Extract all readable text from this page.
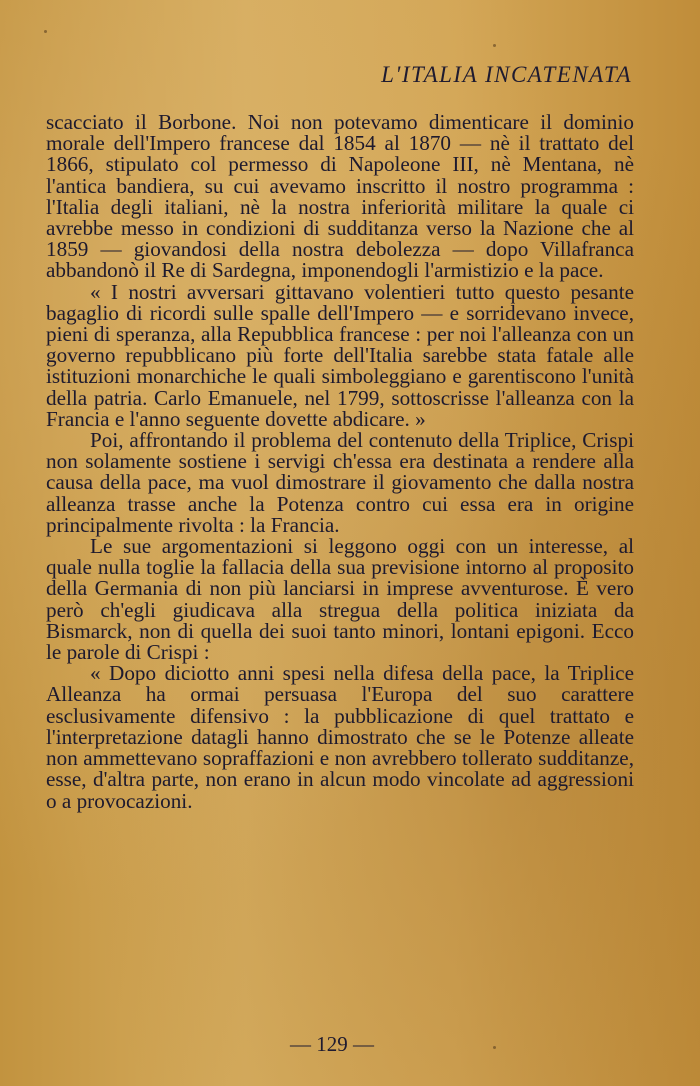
L'ITALIA INCATENATA

scacciato il Borbone. Noi non potevamo dimenticare il dominio morale dell'Impero francese dal 1854 al 1870 — nè il trattato del 1866, stipulato col permesso di Napoleone III, nè Mentana, nè l'antica bandiera, su cui avevamo inscritto il nostro programma : l'Italia degli italiani, nè la nostra inferiorità militare la quale ci avrebbe messo in condizioni di sudditanza verso la Nazione che al 1859 — giovandosi della nostra debolezza — dopo Villafranca abbandonò il Re di Sardegna, imponendogli l'armistizio e la pace.

« I nostri avversari gittavano volentieri tutto questo pesante bagaglio di ricordi sulle spalle dell'Impero — e sorridevano invece, pieni di speranza, alla Repubblica francese : per noi l'alleanza con un governo repubblicano più forte dell'Italia sarebbe stata fatale alle istituzioni monarchiche le quali simboleggiano e garentiscono l'unità della patria. Carlo Emanuele, nel 1799, sottoscrisse l'alleanza con la Francia e l'anno seguente dovette abdicare. »

Poi, affrontando il problema del contenuto della Triplice, Crispi non solamente sostiene i servigi ch'essa era destinata a rendere alla causa della pace, ma vuol dimostrare il giovamento che dalla nostra alleanza trasse anche la Potenza contro cui essa era in origine principalmente rivolta : la Francia.

Le sue argomentazioni si leggono oggi con un interesse, al quale nulla toglie la fallacia della sua previsione intorno al proposito della Germania di non più lanciarsi in imprese avventurose. È vero però ch'egli giudicava alla stregua della politica iniziata da Bismarck, non di quella dei suoi tanto minori, lontani epigoni. Ecco le parole di Crispi :

« Dopo diciotto anni spesi nella difesa della pace, la Triplice Alleanza ha ormai persuasa l'Europa del suo carattere esclusivamente difensivo : la pubblicazione di quel trattato e l'interpretazione datagli hanno dimostrato che se le Potenze alleate non ammettevano sopraffazioni e non avrebbero tollerato sudditanze, esse, d'altra parte, non erano in alcun modo vincolate ad aggressioni o a provocazioni.

— 129 —
